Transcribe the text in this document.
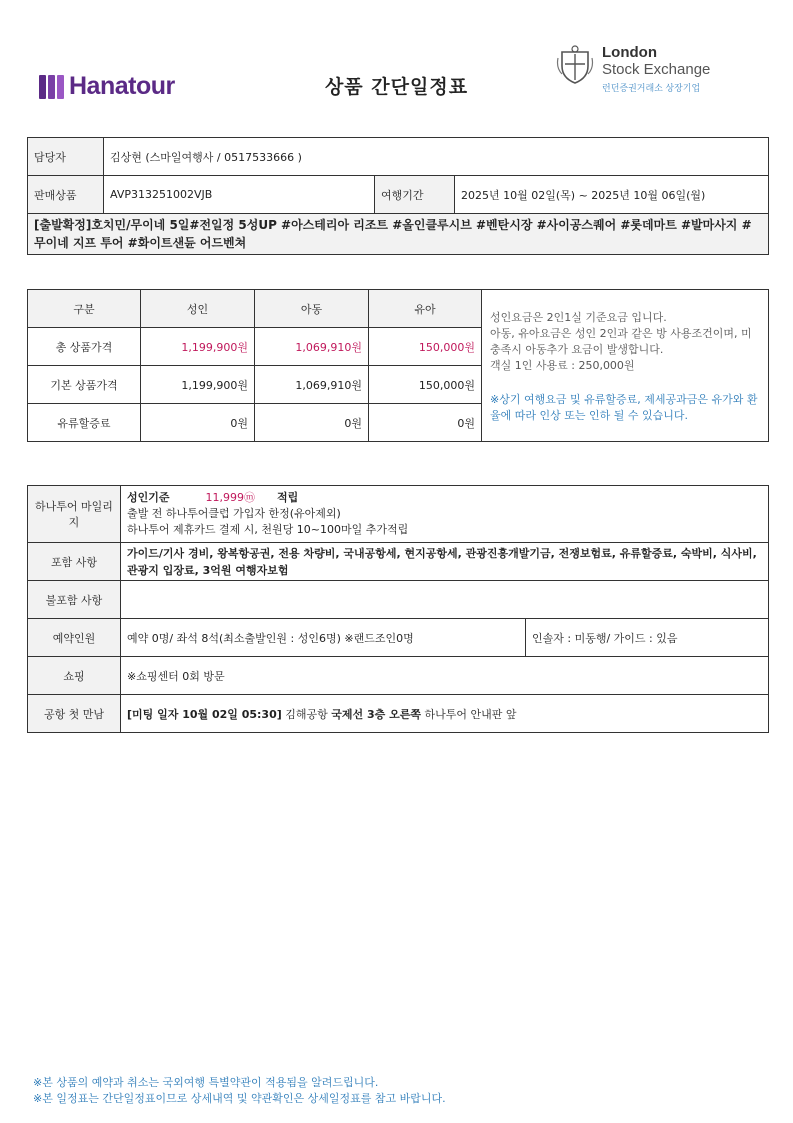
Hanatour	상품 간단일정표
London
Stock Exchange
런던증권거래소 상장기업
담당자	김상현 (스마일여행사 / 0517533666 )		
판매상품	AVP313251002VJB	여행기간	2025년 10월 02일(목) ~ 2025년 10월 06일(월)
[출발확정]호치민/무이네 5일#전일정 5성UP #아스테리아 리조트 #올인클루시브 #벤탄시장 #사이공스퀘어 #롯데마트 #발마사지 #무이네 지프 투어 #화이트샌듄 어드벤쳐			
구분	성인	아동	유아	성인요금은 2인1실 기준요금 입니다.
아동, 유아요금은 성인 2인과 같은 방 사용조건이며, 미충족시 아동추가 요금이 발생합니다.
객실 1인 사용료 : 250,000원
※상기 여행요금 및 유류할증료, 제세공과금은 유가와 환율에 따라 인상 또는 인하 될 수 있습니다.

총 상품가격	1,199,900원	1,069,910원	150,000원	
기본 상품가격	1,199,900원	1,069,910원	150,000원	
유류할증료	0원	0원	0원	
하나투어 마일리지	성인기준 11,999ⓜ 적립
출발 전 하나투어클럽 가입자 한정(유아제외)
하나투어 제휴카드 결제 시, 천원당 10~100마일 추가적립	

포함 사항	가이드/기사 경비, 왕복항공권, 전용 차량비, 국내공항세, 현지공항세, 관광진흥개발기금, 전쟁보험료, 유류할증료, 숙박비, 식사비, 관광지 입장료, 3억원 여행자보험	
불포함 사항		
예약인원	예약 0명/ 좌석 8석(최소출발인원 : 성인6명) ※랜드조인0명	인솔자 : 미동행/ 가이드 : 있음
쇼핑	※쇼핑센터 0회 방문	
공항 첫 만남	[미팅 일자 10월 02일 05:30] 김해공항 국제선 3층 오른쪽 하나투어 안내판 앞	
※본 상품의 예약과 취소는 국외여행 특별약관이 적용됨을 알려드립니다.
※본 일정표는 간단일정표이므로 상세내역 및 약관확인은 상세일정표를 참고 바랍니다.
